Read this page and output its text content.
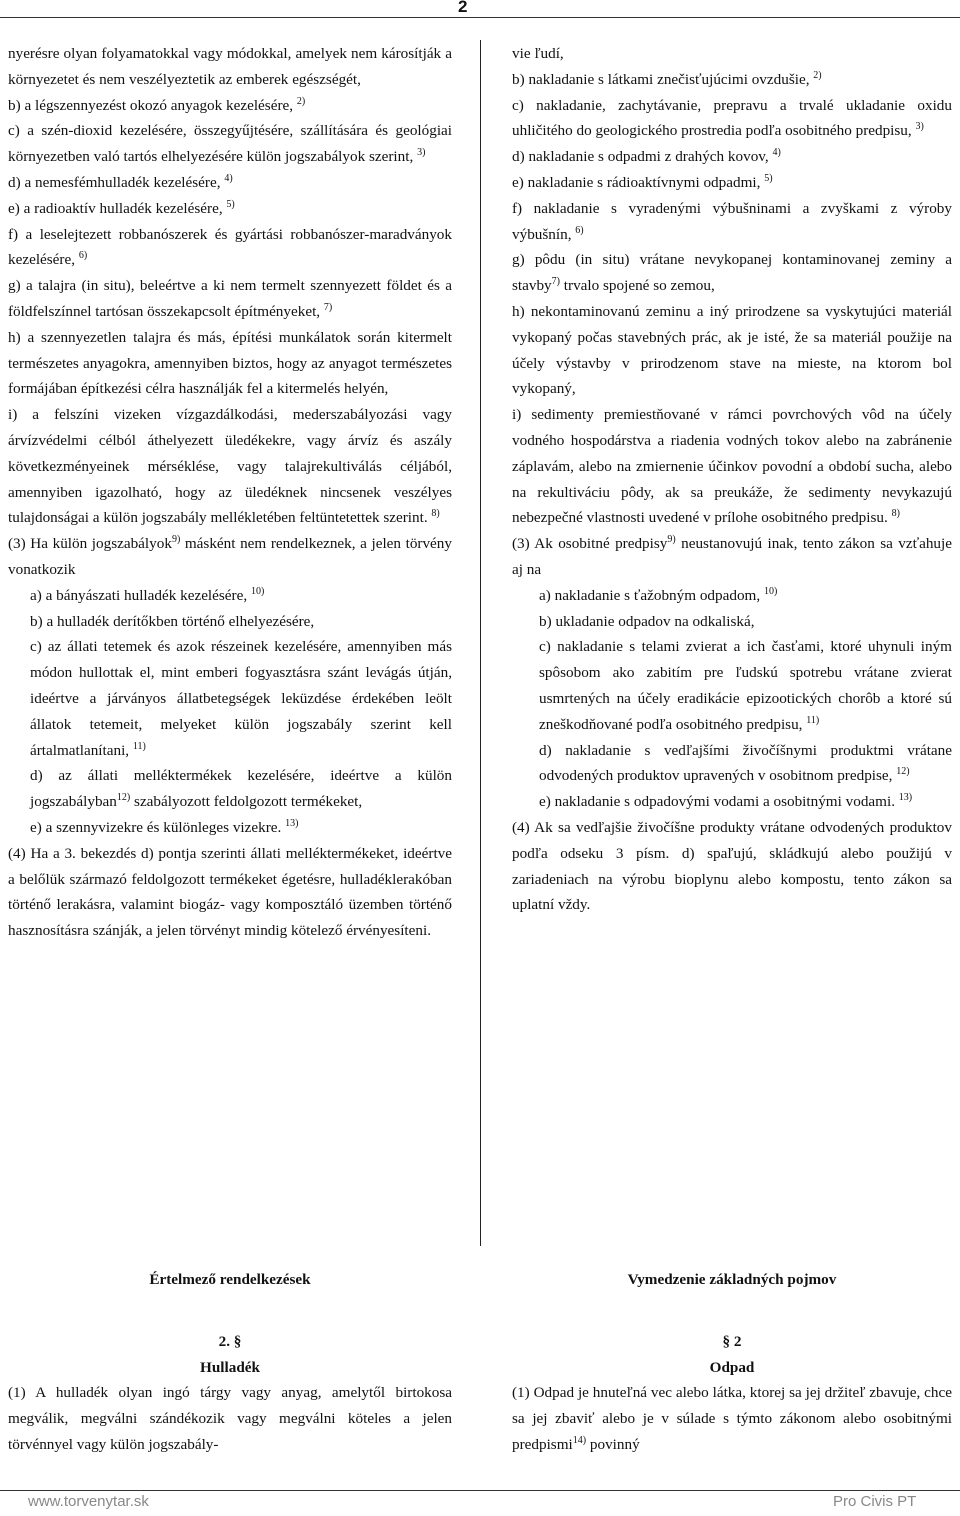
2

nyerésre olyan folyamatokkal vagy módokkal, amelyek nem károsítják a környezetet és nem veszélyeztetik az emberek egészségét,

b) a légszennyezést okozó anyagok kezelésére, $^{2)}$

c) a szén-dioxid kezelésére, összegyűjtésére, szállítására és geológiai környezetben való tartós elhelyezésére külön jogszabályok szerint, $^{3)}$

d) a nemesfémhulladék kezelésére, $^{4)}$

e) a radioaktív hulladék kezelésére, $^{5)}$

f) a leselejtezett robbanószerek és gyártási robbanószer-maradványok kezelésére, $^{6)}$

g) a talajra (in situ), beleértve a ki nem termelt szennyezett földet és a földfelszínnel tartósan összekapcsolt építményeket, $^{7)}$

h) a szennyezetlen talajra és más, építési munkálatok során kitermelt természetes anyagokra, amennyiben biztos, hogy az anyagot természetes formájában építkezési célra használják fel a kitermelés helyén,

i) a felszíni vizeken vízgazdálkodási, mederszabályozási vagy árvízvédelmi célból áthelyezett üledékekre, vagy árvíz és aszály következményeinek mérséklése, vagy talajrekultiválás céljából, amennyiben igazolható, hogy az üledéknek nincsenek veszélyes tulajdonságai a külön jogszabály mellékletében feltüntetettek szerint. $^{8)}$

(3) Ha külön jogszabályok$^{9)}$ másként nem rendelkeznek, a jelen törvény vonatkozik

a) a bányászati hulladék kezelésére, $^{10)}$

b) a hulladék derítőkben történő elhelyezésére,

c) az állati tetemek és azok részeinek kezelésére, amennyiben más módon hullottak el, mint emberi fogyasztásra szánt levágás útján, ideértve a járványos állatbetegségek leküzdése érdekében leölt állatok tetemeit, melyeket külön jogszabály szerint kell ártalmatlanítani, $^{11)}$

d) az állati melléktermékek kezelésére, ideértve a külön jogszabályban$^{12)}$ szabályozott feldolgozott termékeket,

e) a szennyvizekre és különleges vizekre. $^{13)}$

(4) Ha a 3. bekezdés d) pontja szerinti állati melléktermékeket, ideértve a belőlük származó feldolgozott termékeket égetésre, hulladéklerakóban történő lerakásra, valamint biogáz- vagy komposztáló üzemben történő hasznosításra szánják, a jelen törvényt mindig kötelező érvényesíteni.

vie ľudí,

b) nakladanie s látkami znečisťujúcimi ovzdušie, $^{2)}$

c) nakladanie, zachytávanie, prepravu a trvalé ukladanie oxidu uhličitého do geologického prostredia podľa osobitného predpisu, $^{3)}$

d) nakladanie s odpadmi z drahých kovov, $^{4)}$

e) nakladanie s rádioaktívnymi odpadmi, $^{5)}$

f) nakladanie s vyradenými výbušninami a zvyškami z výroby výbušnín, $^{6)}$

g) pôdu (in situ) vrátane nevykopanej kontaminovanej zeminy a stavby$^{7)}$ trvalo spojené so zemou,

h) nekontaminovanú zeminu a iný prirodzene sa vyskytujúci materiál vykopaný počas stavebných prác, ak je isté, že sa materiál použije na účely výstavby v prirodzenom stave na mieste, na ktorom bol vykopaný,

i) sedimenty premiestňované v rámci povrchových vôd na účely vodného hospodárstva a riadenia vodných tokov alebo na zabránenie záplavám, alebo na zmiernenie účinkov povodní a období sucha, alebo na rekultiváciu pôdy, ak sa preukáže, že sedimenty nevykazujú nebezpečné vlastnosti uvedené v prílohe osobitného predpisu. $^{8)}$

(3) Ak osobitné predpisy$^{9)}$ neustanovujú inak, tento zákon sa vzťahuje aj na

a) nakladanie s ťažobným odpadom, $^{10)}$

b) ukladanie odpadov na odkaliská,

c) nakladanie s telami zvierat a ich časťami, ktoré uhynuli iným spôsobom ako zabitím pre ľudskú spotrebu vrátane zvierat usmrtených na účely eradikácie epizootických chorôb a ktoré sú zneškodňované podľa osobitného predpisu, $^{11)}$

d) nakladanie s vedľajšími živočíšnymi produktmi vrátane odvodených produktov upravených v osobitnom predpise, $^{12)}$

e) nakladanie s odpadovými vodami a osobitnými vodami. $^{13)}$

(4) Ak sa vedľajšie živočíšne produkty vrátane odvodených produktov podľa odseku 3 písm. d) spaľujú, skládkujú alebo použijú v zariadeniach na výrobu bioplynu alebo kompostu, tento zákon sa uplatní vždy.

Értelmező rendelkezések

2. §

Hulladék

(1) A hulladék olyan ingó tárgy vagy anyag, amelytől birtokosa megválik, megválni szándékozik vagy megválni köteles a jelen törvénnyel vagy külön jogszabály-

Vymedzenie základných pojmov

§ 2

Odpad

(1) Odpad je hnuteľná vec alebo látka, ktorej sa jej držiteľ zbavuje, chce sa jej zbaviť alebo je v súlade s týmto zákonom alebo osobitnými predpismi$^{14)}$ povinný

www.torvenytar.sk	Pro Civis PT
